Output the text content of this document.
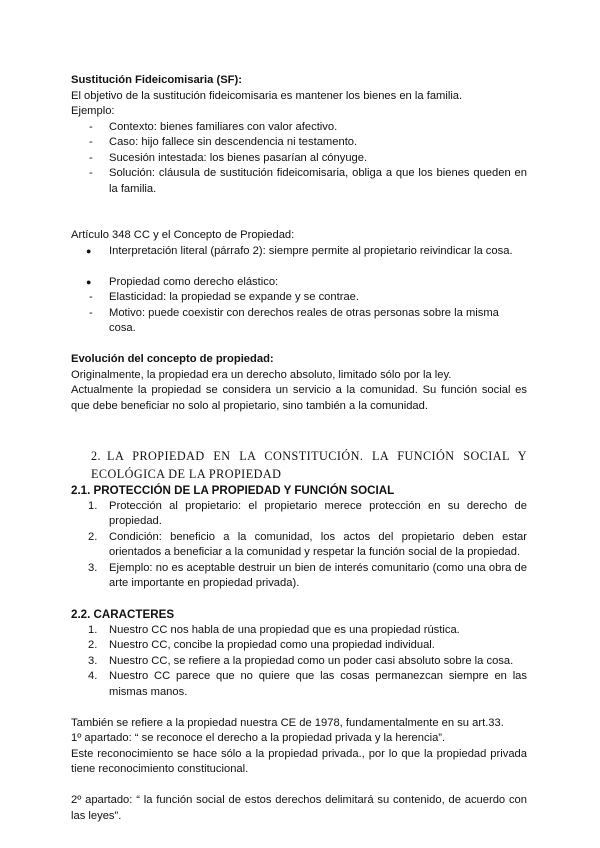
Sustitución Fideicomisaria (SF):

El objetivo de la sustitución fideicomisaria es mantener los bienes en la familia.

Ejemplo:

- Contexto: bienes familiares con valor afectivo.
- Caso: hijo fallece sin descendencia ni testamento.
- Sucesión intestada: los bienes pasarían al cónyuge.
- Solución: cláusula de sustitución fideicomisaria, obliga a que los bienes queden en la familia.

Artículo 348 CC y el Concepto de Propiedad:

● Interpretación literal (párrafo 2): siempre permite al propietario reivindicar la cosa.
● Propiedad como derecho elástico:
- Elasticidad: la propiedad se expande y se contrae.
- Motivo: puede coexistir con derechos reales de otras personas sobre la misma cosa.

Evolución del concepto de propiedad:

Originalmente, la propiedad era un derecho absoluto, limitado sólo por la ley.

Actualmente la propiedad se considera un servicio a la comunidad. Su función social es que debe beneficiar no solo al propietario, sino también a la comunidad.

2. LA PROPIEDAD EN LA CONSTITUCIÓN. LA FUNCIÓN SOCIAL Y ECOLÓGICA DE LA PROPIEDAD

2.1. PROTECCIÓN DE LA PROPIEDAD Y FUNCIÓN SOCIAL

1. Protección al propietario: el propietario merece protección en su derecho de propiedad.
2. Condición: beneficio a la comunidad, los actos del propietario deben estar orientados a beneficiar a la comunidad y respetar la función social de la propiedad.
3. Ejemplo: no es aceptable destruir un bien de interés comunitario (como una obra de arte importante en propiedad privada).

2.2. CARACTERES

1. Nuestro CC nos habla de una propiedad que es una propiedad rústica.
2. Nuestro CC, concibe la propiedad como una propiedad individual.
3. Nuestro CC, se refiere a la propiedad como un poder casi absoluto sobre la cosa.
4. Nuestro CC parece que no quiere que las cosas permanezcan siempre en las mismas manos.

También se refiere a la propiedad nuestra CE de 1978, fundamentalmente en su art.33.

1º apartado: “ se reconoce el derecho a la propiedad privada y la herencia”.

Este reconocimiento se hace sólo a la propiedad privada., por lo que la propiedad privada tiene reconocimiento constitucional.

2º apartado: “ la función social de estos derechos delimitará su contenido, de acuerdo con las leyes”.
